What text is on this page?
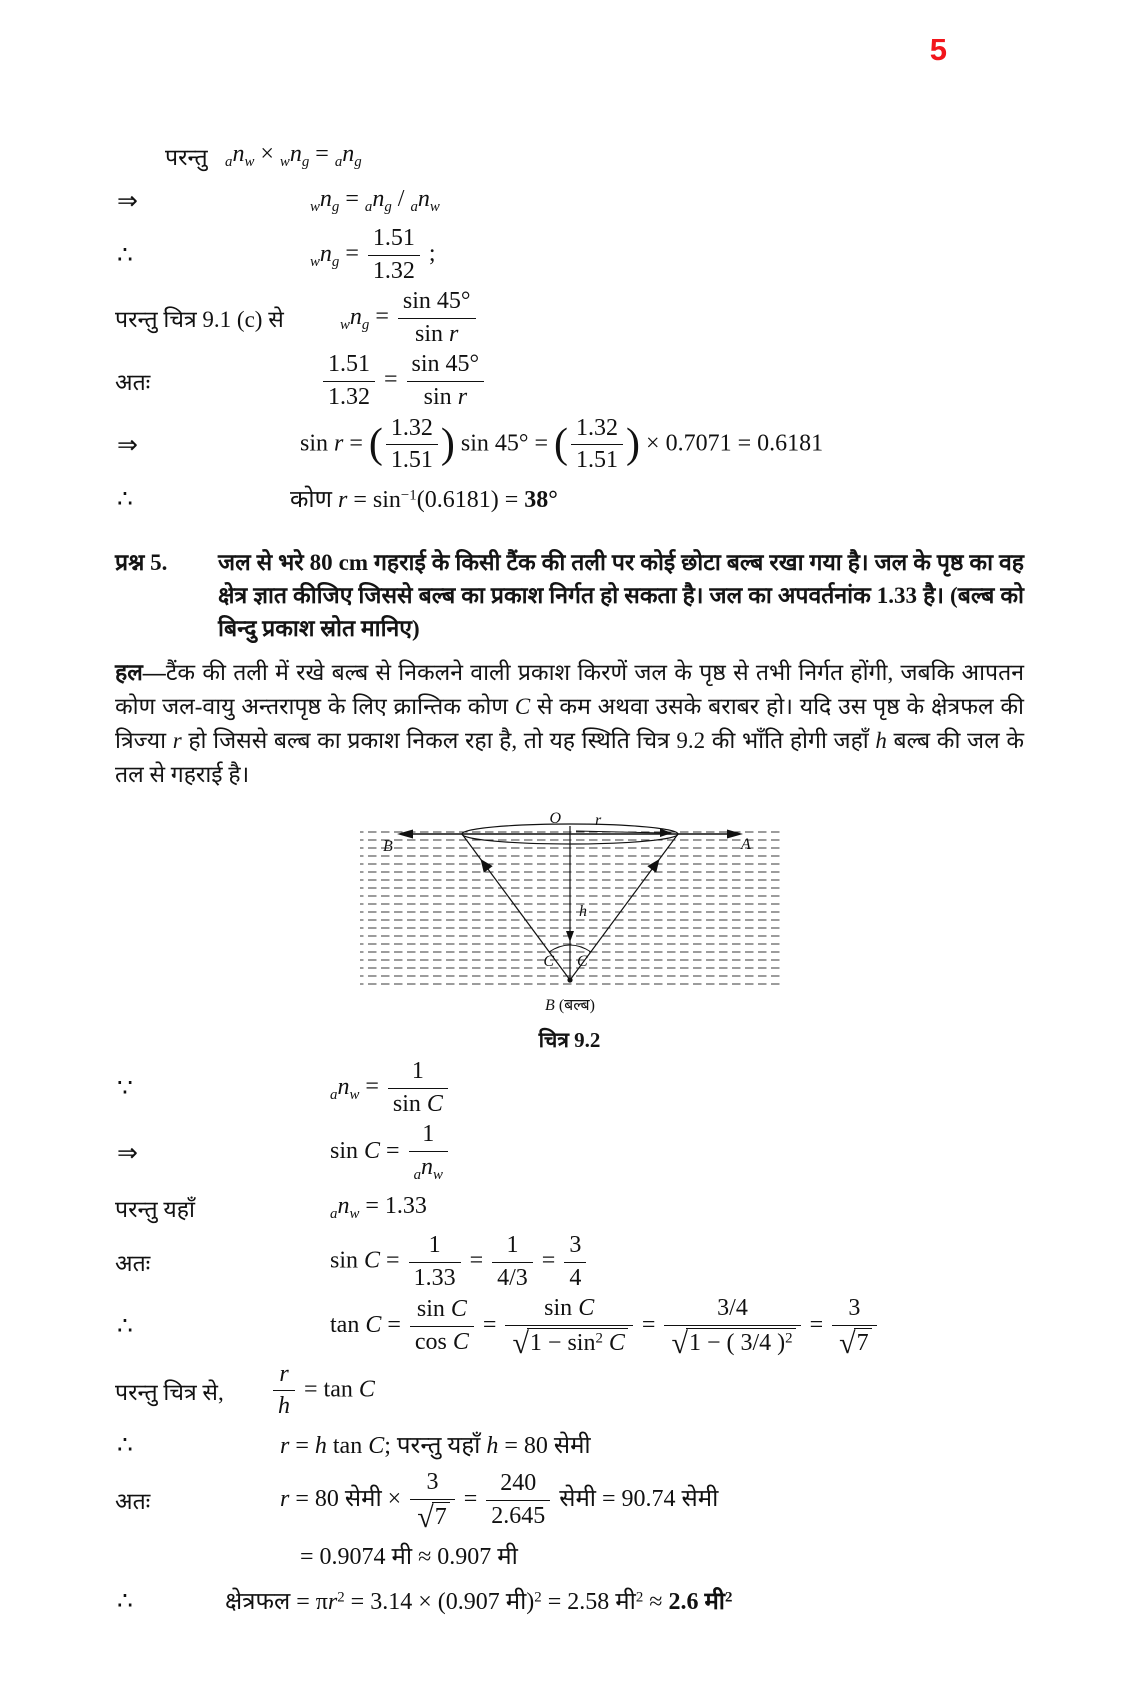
5
परन्तु $_an_w \times _wn_g = _an_g$
⇒	$_wn_g = _an_g / _an_w$
∴	$_wn_g = \frac{1.51}{1.32}$ ;
परन्तु चित्र 9.1 (c) से	$_wn_g = \frac{\sin 45^\circ}{\text{sin r}}$
अतः	$\frac{1.51}{1.32} = \frac{\sin 45^\circ}{\text{sin r}}$
⇒	sin r = ( $\frac{1.32}{1.51}$ ) sin 45° = ( $\frac{1.32}{1.51}$ ) × 0.7071 = 0.6181
∴	कोण $r = \sin^{-1}(0.6181) = 38^\circ$
प्रश्न 5. जल से भरे 80 cm गहराई के किसी टैंक की तली पर कोई छोटा बल्ब रखा गया है। जल के पृष्ठ का वह क्षेत्र ज्ञात कीजिए जिससे बल्ब का प्रकाश निर्गत हो सकता है। जल का अपवर्तनांक 1.33 है। (बल्ब को बिन्दु प्रकाश स्रोत मानिए)
हल—टैंक की तली में रखे बल्ब से निकलने वाली प्रकाश किरणें जल के पृष्ठ से तभी निर्गत होंगी, जबकि आपतन कोण जल-वायु अन्तरापृष्ठ के लिए क्रान्तिक कोण C से कम अथवा उसके बराबर हो। यदि उस पृष्ठ के क्षेत्रफल की त्रिज्या r हो जिससे बल्ब का प्रकाश निकल रहा है, तो यह स्थिति चित्र 9.2 की भाँति होगी जहाँ h बल्ब की जल के तल से गहराई है।
O r
B	A
h
C C
B (बल्ब)
चित्र 9.2
∵	$_an_w = \frac{1}{\text{sin C}}$
⇒	$\sin C = \frac{1}{_an_w}$
परन्तु यहाँ	$_an_w = 1.33$
अतः	$\sin C = \frac{1}{1.33} = \frac{1}{4/3} = \frac{3}{4}$
∴	$\tan C = \frac{\text{sin C}}{\text{cos C}} = \frac{\text{sin C}}{√ 1 - \sin^2 C} = \frac{3/4}{√ 1 - ( 3/4 )^2} = \frac{3}{√ 7}$
परन्तु चित्र से, $\frac{r}{h} = \tan C$
∴	r = h tan C; परन्तु यहाँ h = 80 सेमी
अतः	r = 80 सेमी × $\frac{3}{√ 7} = \frac{240}{2.645}$ सेमी = 90.74 सेमी
= 0.9074 मी ≈ 0.907 मी
∴	क्षेत्रफल = $\pi r^2 = 3.14 \times (0.907$ मी)$^2$ = 2.58 मी$^2$ ≈ 2.6 मी$^2$
